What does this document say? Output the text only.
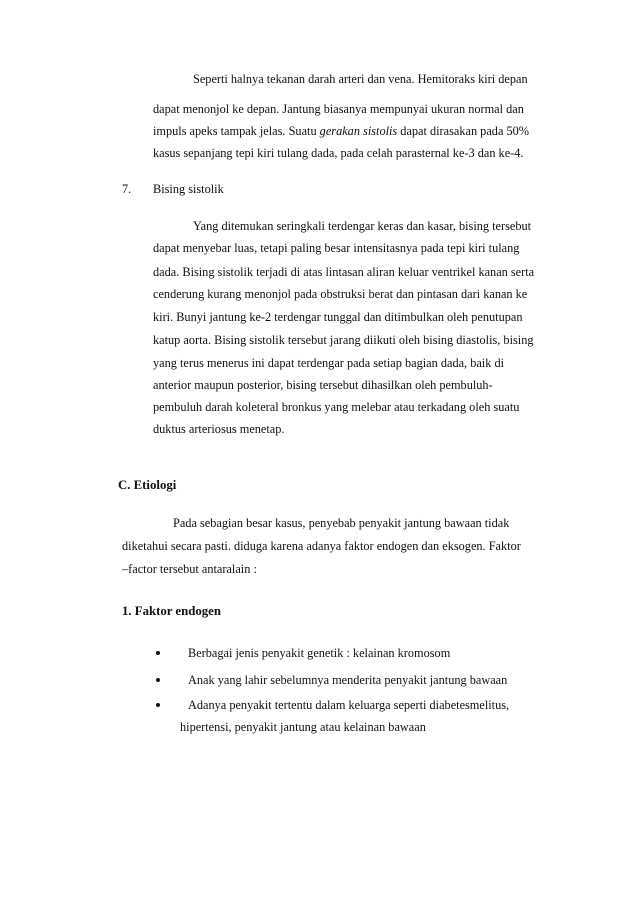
Seperti halnya tekanan darah arteri dan vena. Hemitoraks kiri depan
dapat menonjol ke depan. Jantung biasanya mempunyai ukuran normal dan
impuls apeks tampak jelas. Suatu gerakan sistolis dapat dirasakan pada 50%
kasus sepanjang tepi kiri tulang dada, pada celah parasternal ke-3 dan ke-4.
7. Bising sistolik
Yang ditemukan seringkali terdengar keras dan kasar, bising tersebut
dapat menyebar luas, tetapi paling besar intensitasnya pada tepi kiri tulang
dada. Bising sistolik terjadi di atas lintasan aliran keluar ventrikel kanan serta
cenderung kurang menonjol pada obstruksi berat dan pintasan dari kanan ke
kiri. Bunyi jantung ke-2 terdengar tunggal dan ditimbulkan oleh penutupan
katup aorta. Bising sistolik tersebut jarang diikuti oleh bising diastolis, bising
yang terus menerus ini dapat terdengar pada setiap bagian dada, baik di
anterior maupun posterior, bising tersebut dihasilkan oleh pembuluh-
pembuluh darah koleteral bronkus yang melebar atau terkadang oleh suatu
duktus arteriosus menetap.
C. Etiologi
Pada sebagian besar kasus, penyebab penyakit jantung bawaan tidak
diketahui secara pasti. diduga karena adanya faktor endogen dan eksogen. Faktor
–factor tersebut antaralain :
1. Faktor endogen
Berbagai jenis penyakit genetik : kelainan kromosom
Anak yang lahir sebelumnya menderita penyakit jantung bawaan
Adanya penyakit tertentu dalam keluarga seperti diabetesmelitus,
hipertensi, penyakit jantung atau kelainan bawaan
